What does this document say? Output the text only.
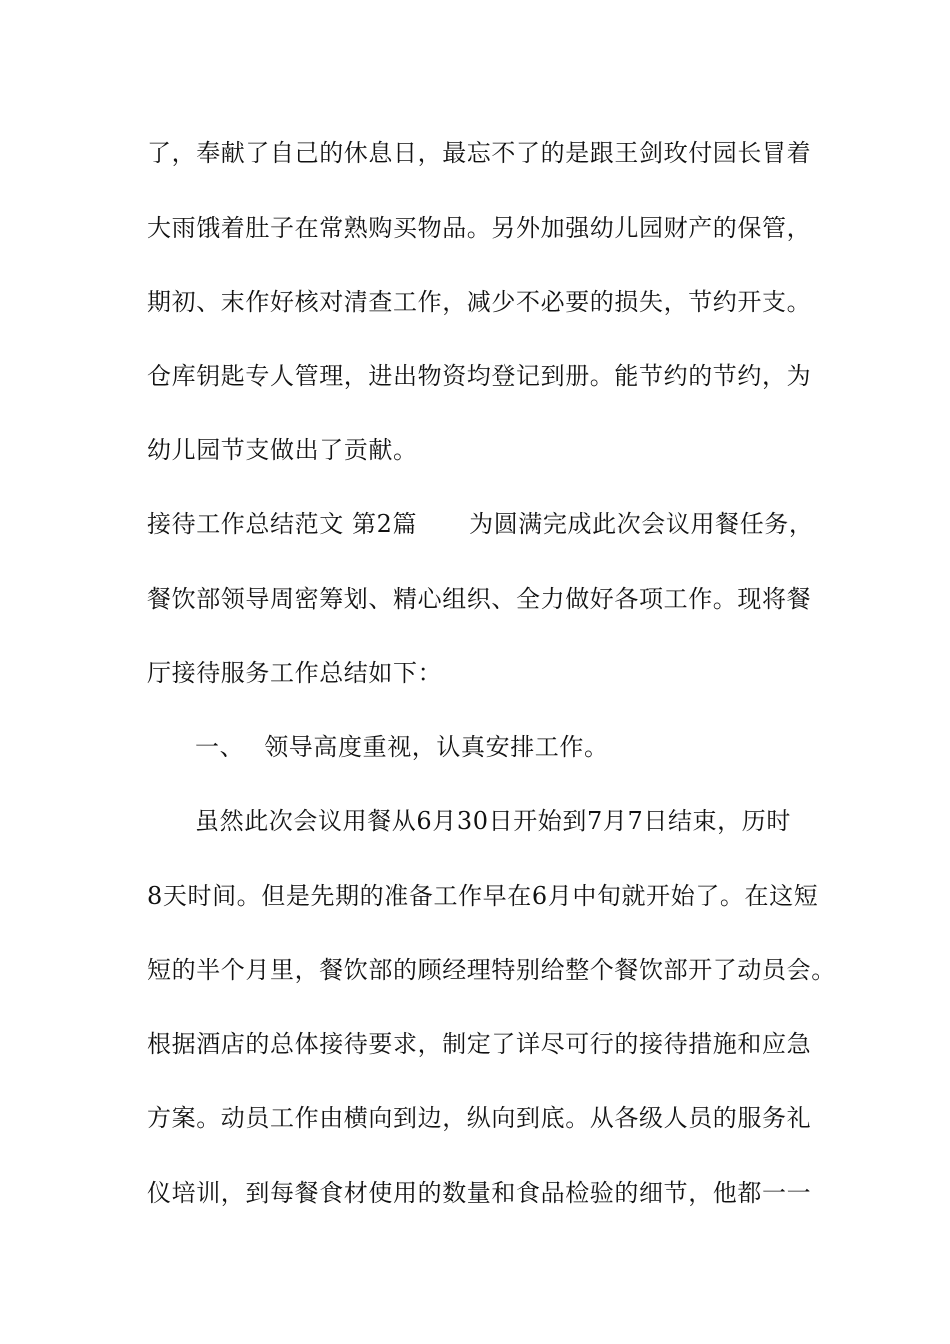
了，奉献了自己的休息日，最忘不了的是跟王剑玫付园长冒着
大雨饿着肚子在常熟购买物品。另外加强幼儿园财产的保管，
期初、末作好核对清查工作，减少不必要的损失，节约开支。
仓库钥匙专人管理，进出物资均登记到册。能节约的节约，为
幼儿园节支做出了贡献。
接待工作总结范文 第2篇 为圆满完成此次会议用餐任务，
餐饮部领导周密筹划、精心组织、全力做好各项工作。现将餐
厅接待服务工作总结如下：
一、 领导高度重视，认真安排工作。
虽然此次会议用餐从6月30日开始到7月7日结束，历时
8天时间。但是先期的准备工作早在6月中旬就开始了。在这短
短的半个月里，餐饮部的顾经理特别给整个餐饮部开了动员会。
根据酒店的总体接待要求，制定了详尽可行的接待措施和应急
方案。动员工作由横向到边，纵向到底。从各级人员的服务礼
仪培训，到每餐食材使用的数量和食品检验的细节，他都一一
